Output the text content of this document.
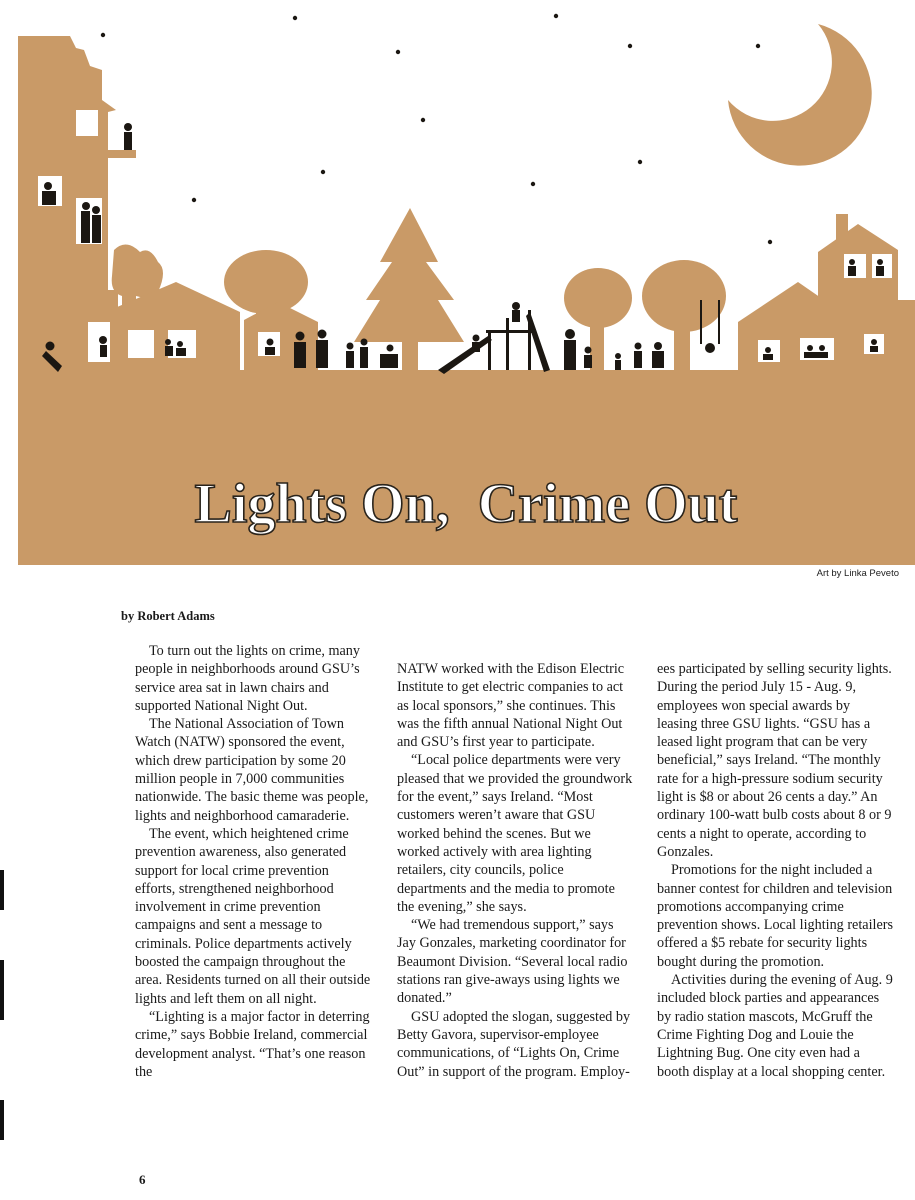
Lights On,  Crime Out
Art by Linka Peveto
by Robert Adams

To turn out the lights on crime, many people in neighborhoods around GSU’s service area sat in lawn chairs and supported National Night Out.

The National Association of Town Watch (NATW) sponsored the event, which drew participation by some 20 million people in 7,000 communities nationwide. The basic theme was people, lights and neighborhood camaraderie.

The event, which heightened crime prevention awareness, also generated support for local crime prevention efforts, strengthened neighborhood involvement in crime prevention campaigns and sent a message to criminals. Police departments actively boosted the campaign throughout the area. Residents turned on all their outside lights and left them on all night.

“Lighting is a major factor in deterring crime,” says Bobbie Ireland, commercial development analyst. “That’s one reason the

NATW worked with the Edison Electric Institute to get electric companies to act as local sponsors,” she continues. This was the fifth annual National Night Out and GSU’s first year to participate.

“Local police departments were very pleased that we provided the groundwork for the event,” says Ireland. “Most customers weren’t aware that GSU worked behind the scenes. But we worked actively with area lighting retailers, city councils, police departments and the media to promote the evening,” she says.

“We had tremendous support,” says Jay Gonzales, marketing coordinator for Beaumont Division. “Several local radio stations ran give-aways using lights we donated.”

GSU adopted the slogan, suggested by Betty Gavora, supervisor-employee communications, of “Lights On, Crime Out” in support of the program. Employ-

ees participated by selling security lights. During the period July 15 - Aug. 9, employees won special awards by leasing three GSU lights. “GSU has a leased light program that can be very beneficial,” says Ireland. “The monthly rate for a high-pressure sodium security light is $8 or about 26 cents a day.” An ordinary 100-watt bulb costs about 8 or 9 cents a night to operate, according to Gonzales.

Promotions for the night included a banner contest for children and television promotions accompanying crime prevention shows. Local lighting retailers offered a $5 rebate for security lights bought during the promotion.

Activities during the evening of Aug. 9 included block parties and appearances by radio station mascots, McGruff the Crime Fighting Dog and Louie the Lightning Bug. One city even had a booth display at a local shopping center.

6
